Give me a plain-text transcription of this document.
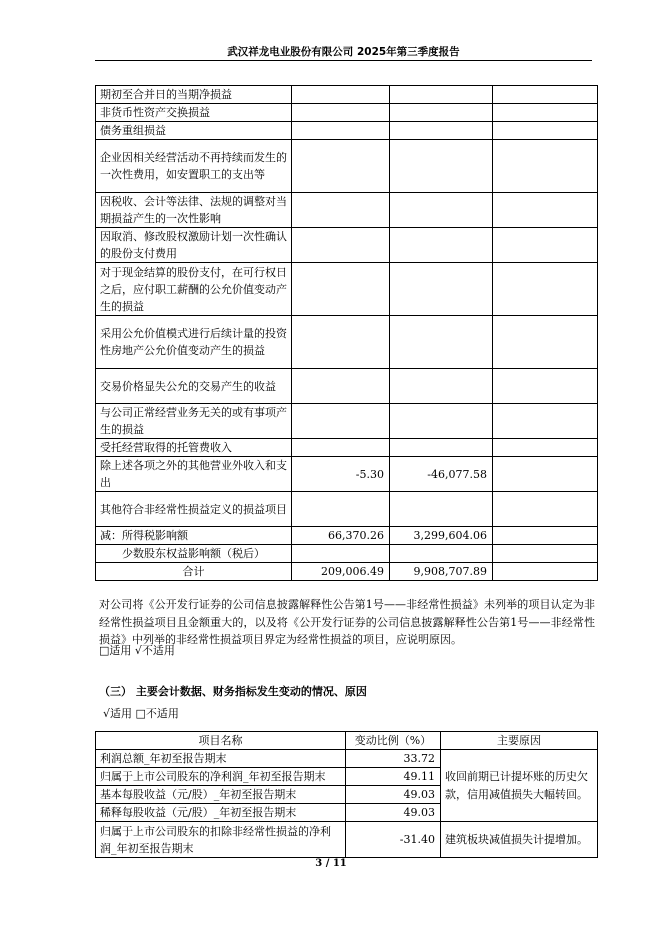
武汉祥龙电业股份有限公司 2025年第三季度报告
期初至合并日的当期净损益			
非货币性资产交换损益			
债务重组损益			
企业因相关经营活动不再持续而发生的一次性费用，如安置职工的支出等			
因税收、会计等法律、法规的调整对当期损益产生的一次性影响			
因取消、修改股权激励计划一次性确认的股份支付费用			
对于现金结算的股份支付，在可行权日之后，应付职工薪酬的公允价值变动产生的损益			
采用公允价值模式进行后续计量的投资性房地产公允价值变动产生的损益			
交易价格显失公允的交易产生的收益			
与公司正常经营业务无关的或有事项产生的损益			
受托经营取得的托管费收入			
除上述各项之外的其他营业外收入和支出	-5.30	-46,077.58	
其他符合非经常性损益定义的损益项目			
减：所得税影响额	66,370.26	3,299,604.06	
少数股东权益影响额（税后）			
合计	209,006.49	9,908,707.89	
对公司将《公开发行证券的公司信息披露解释性公告第1号——非经常性损益》未列举的项目认定为非经常性损益项目且金额重大的，以及将《公开发行证券的公司信息披露解释性公告第1号——非经常性损益》中列举的非经常性损益项目界定为经常性损益的项目，应说明原因。
□适用 √不适用
（三） 主要会计数据、财务指标发生变动的情况、原因
√适用 □不适用
项目名称	变动比例（%）	主要原因
利润总额_年初至报告期末	33.72	收回前期已计提坏账的历史欠款，信用减值损失大幅转回。
归属于上市公司股东的净利润_年初至报告期末	49.11	
基本每股收益（元/股）_年初至报告期末	49.03	
稀释每股收益（元/股）_年初至报告期末	49.03	
归属于上市公司股东的扣除非经常性损益的净利润_年初至报告期末	-31.40	建筑板块减值损失计提增加。
3 / 11
